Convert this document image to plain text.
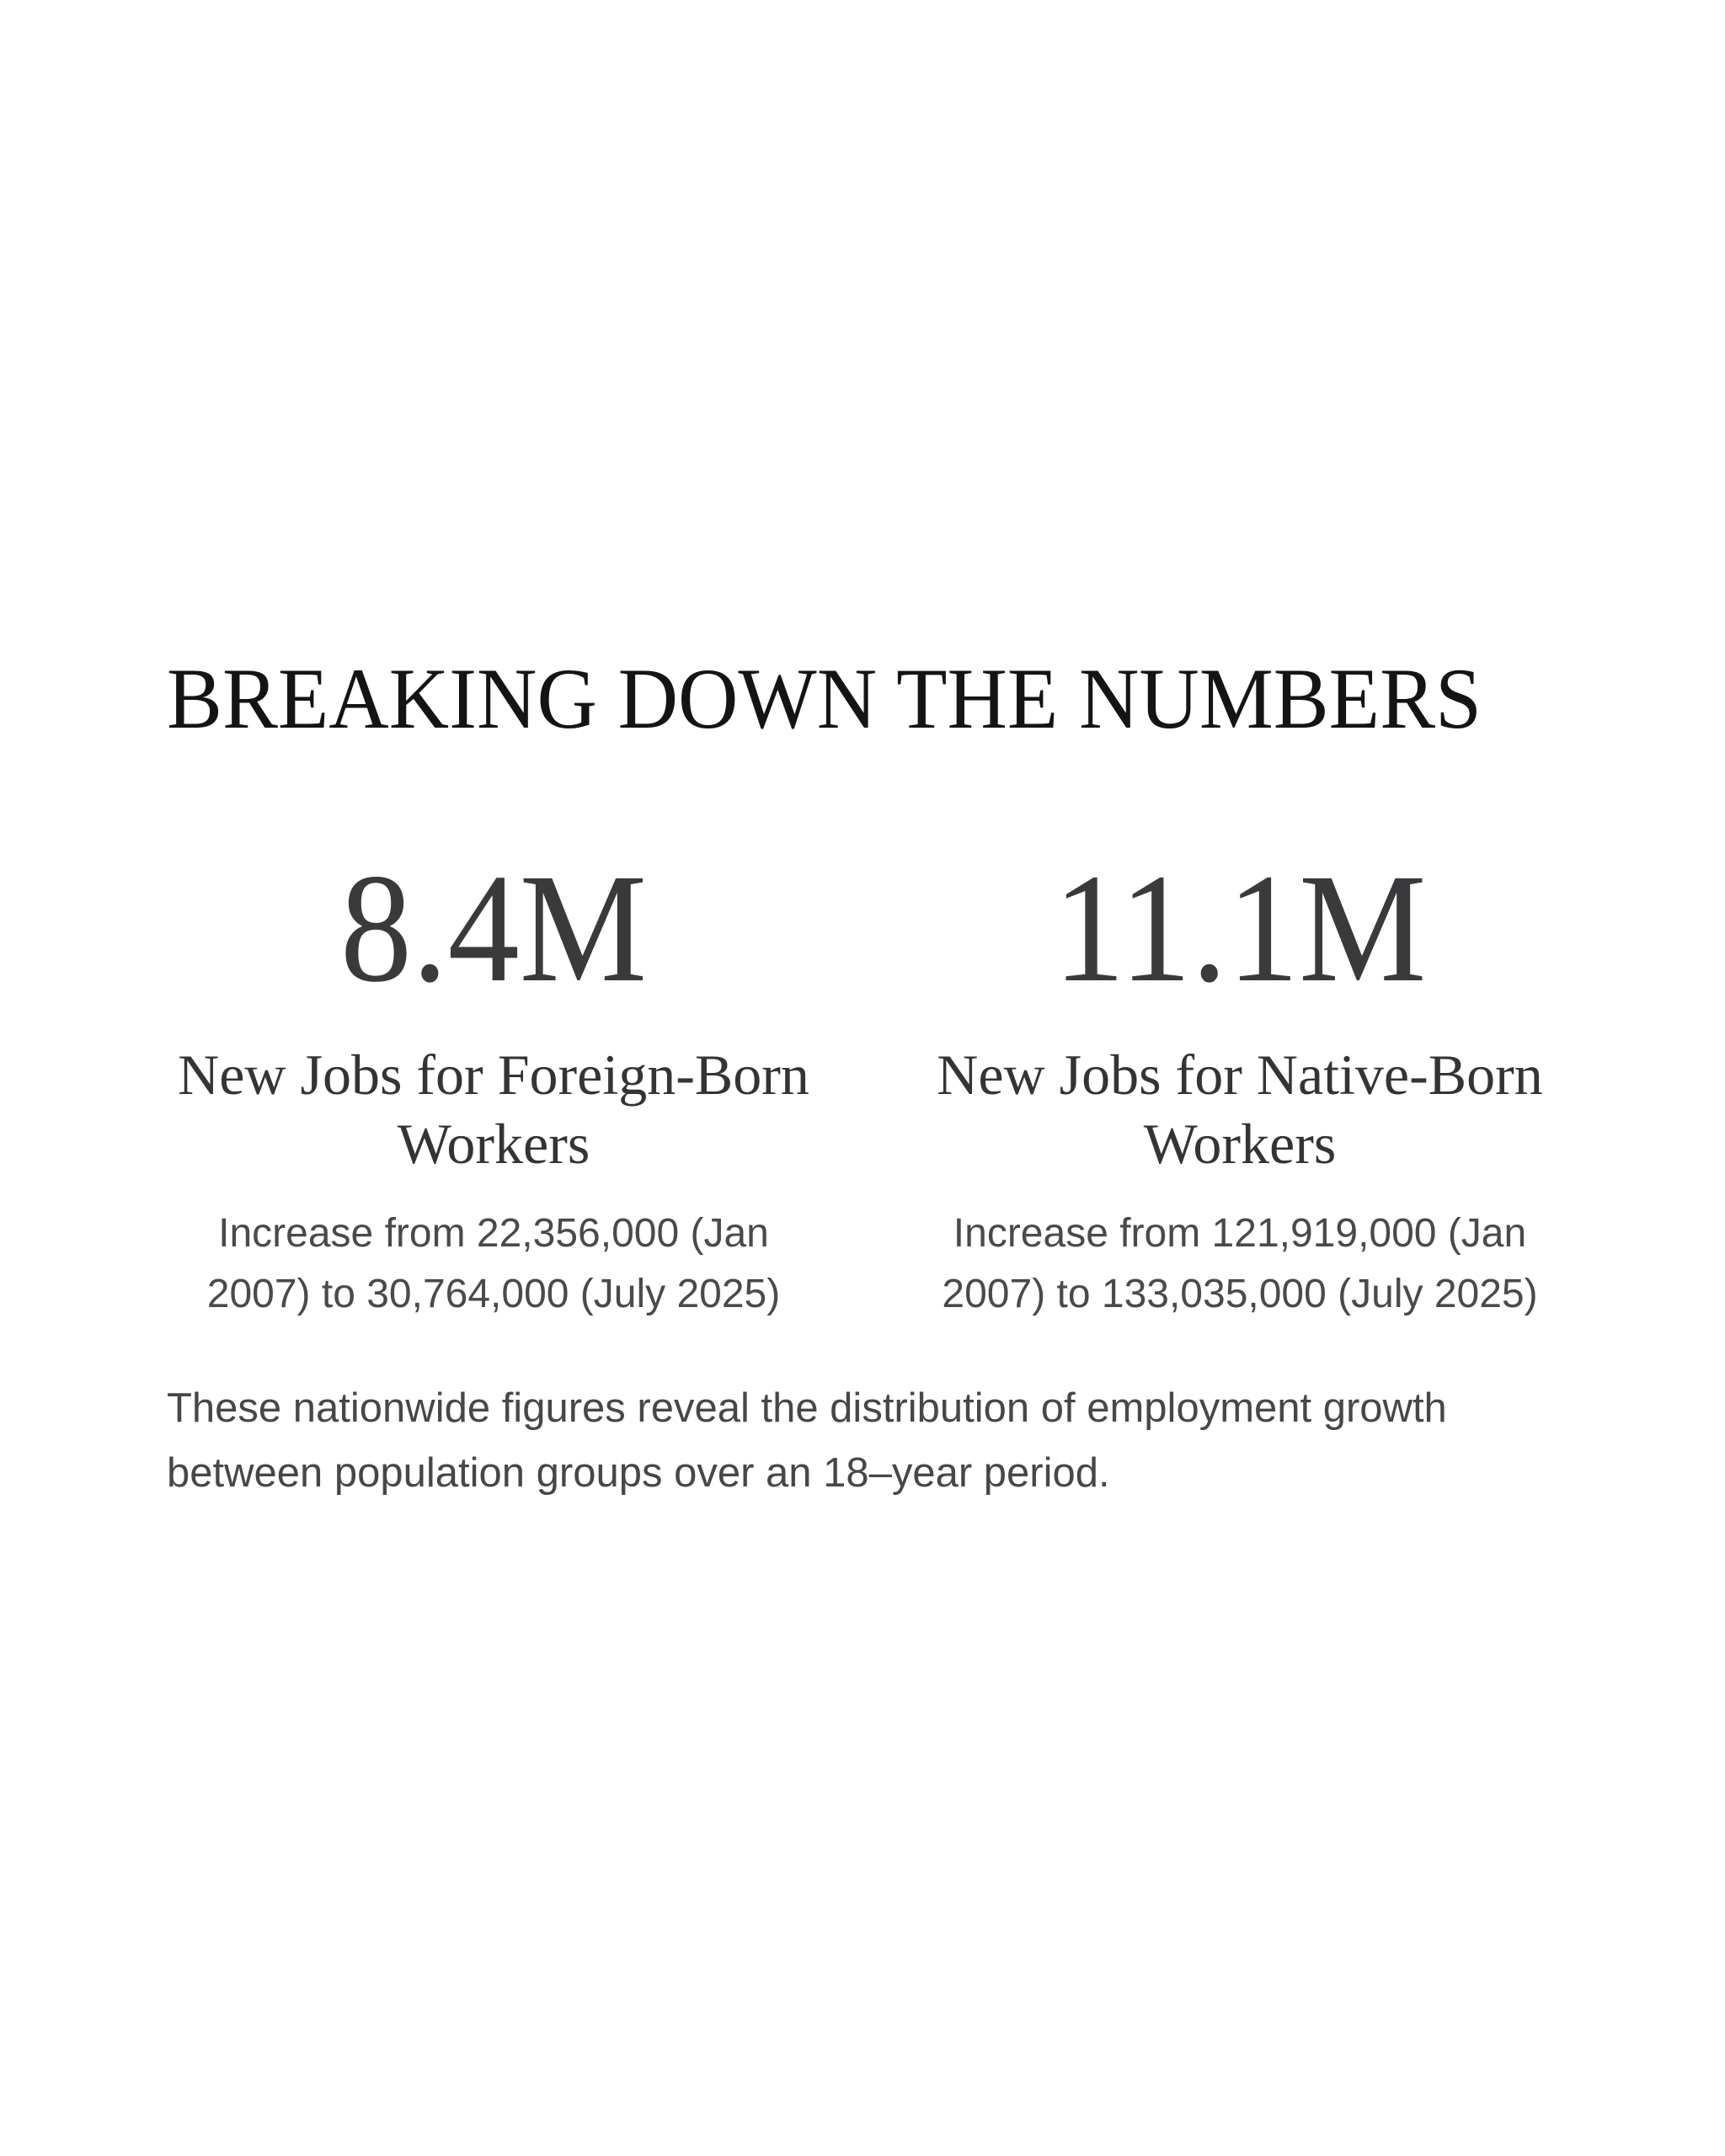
BREAKING DOWN THE NUMBERS
8.4M
New Jobs for Foreign-Born Workers
Increase from 22,356,000 (Jan 2007) to 30,764,000 (July 2025)
11.1M
New Jobs for Native-Born Workers
Increase from 121,919,000 (Jan 2007) to 133,035,000 (July 2025)

These nationwide figures reveal the distribution of employment growth between population groups over an 18–year period.
